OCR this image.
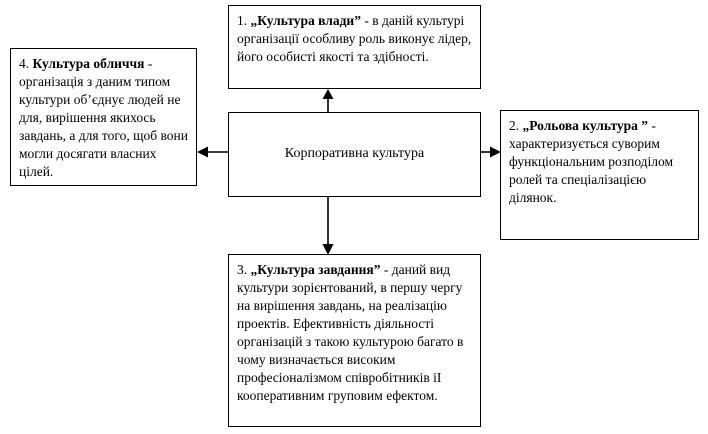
1. „Культура влади” - в даній культурі організації особливу роль виконує лідер, його особисті якості та здібності.
4. Культура обличчя - організація з даним типом культури об’єднує людей не для, вирішення якихось завдань, а для того, щоб вони могли досягати власних цілей.
Корпоративна культура
2. „Рольова культура ” - характеризується суворим функціональним розподілом ролей та спеціалізацією ділянок.
3. „Культура завдання” - даний вид культури зорієнтований, в першу чергу на вирішення завдань, на реалізацію проектів. Ефективність діяльності організацій з такою культурою багато в чому визначається високим професіоналізмом співробітників іІ кооперативним груповим ефектом.
